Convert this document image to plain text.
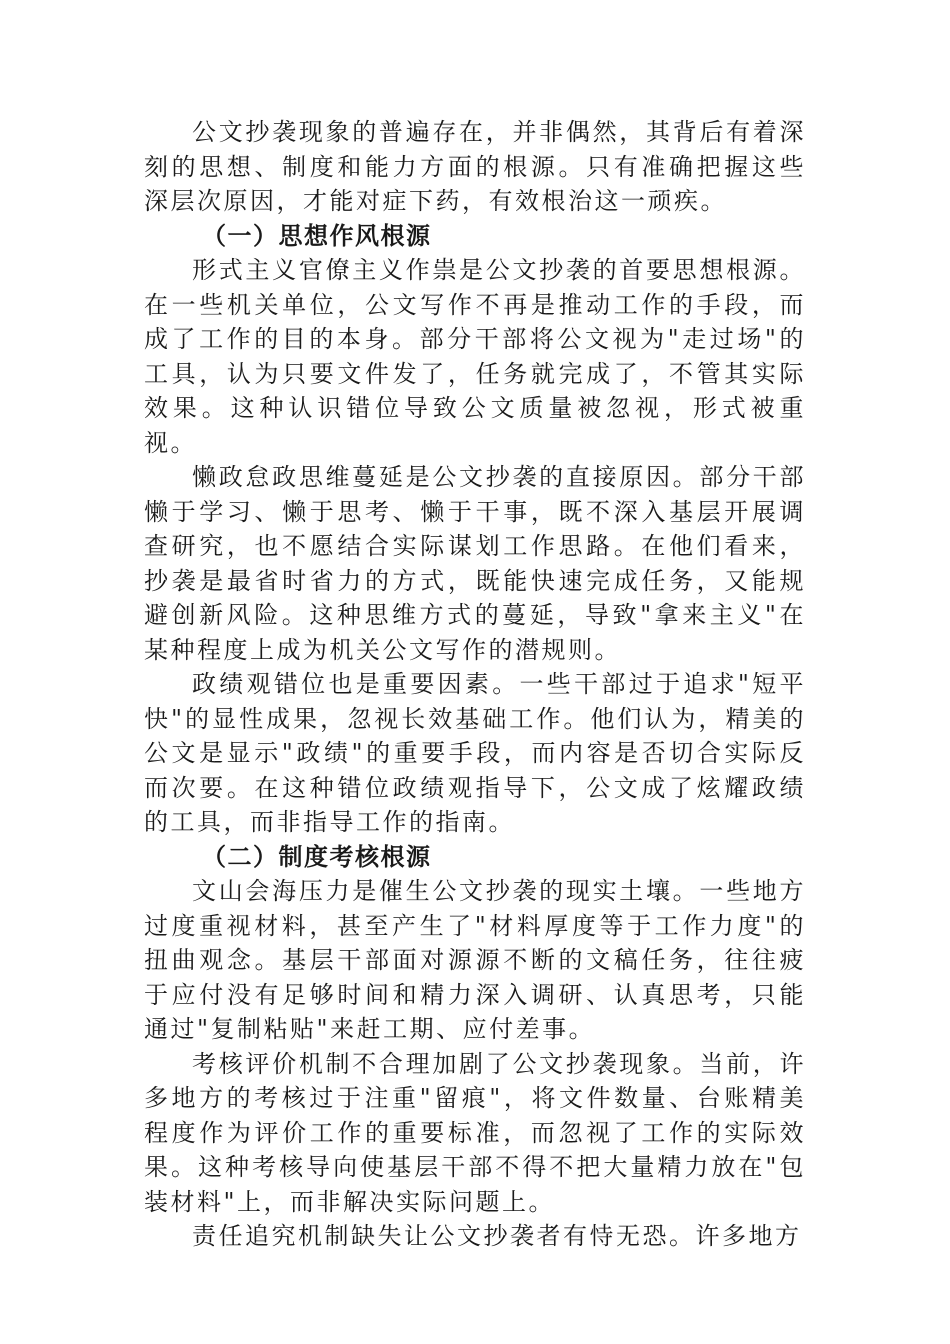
公文抄袭现象的普遍存在，并非偶然，其背后有着深刻的思想、制度和能力方面的根源。只有准确把握这些深层次原因，才能对症下药，有效根治这一顽疾。

（一）思想作风根源

形式主义官僚主义作祟是公文抄袭的首要思想根源。在一些机关单位，公文写作不再是推动工作的手段，而成了工作的目的本身。部分干部将公文视为"走过场"的工具，认为只要文件发了，任务就完成了，不管其实际效果。这种认识错位导致公文质量被忽视，形式被重视。

懒政怠政思维蔓延是公文抄袭的直接原因。部分干部懒于学习、懒于思考、懒于干事，既不深入基层开展调查研究，也不愿结合实际谋划工作思路。在他们看来，抄袭是最省时省力的方式，既能快速完成任务，又能规避创新风险。这种思维方式的蔓延，导致"拿来主义"在某种程度上成为机关公文写作的潜规则。

政绩观错位也是重要因素。一些干部过于追求"短平快"的显性成果，忽视长效基础工作。他们认为，精美的公文是显示"政绩"的重要手段，而内容是否切合实际反而次要。在这种错位政绩观指导下，公文成了炫耀政绩的工具，而非指导工作的指南。

（二）制度考核根源

文山会海压力是催生公文抄袭的现实土壤。一些地方过度重视材料，甚至产生了"材料厚度等于工作力度"的扭曲观念。基层干部面对源源不断的文稿任务，往往疲于应付没有足够时间和精力深入调研、认真思考，只能通过"复制粘贴"来赶工期、应付差事。

考核评价机制不合理加剧了公文抄袭现象。当前，许多地方的考核过于注重"留痕"，将文件数量、台账精美程度作为评价工作的重要标准，而忽视了工作的实际效果。这种考核导向使基层干部不得不把大量精力放在"包装材料"上，而非解决实际问题上。

责任追究机制缺失让公文抄袭者有恃无恐。许多地方
